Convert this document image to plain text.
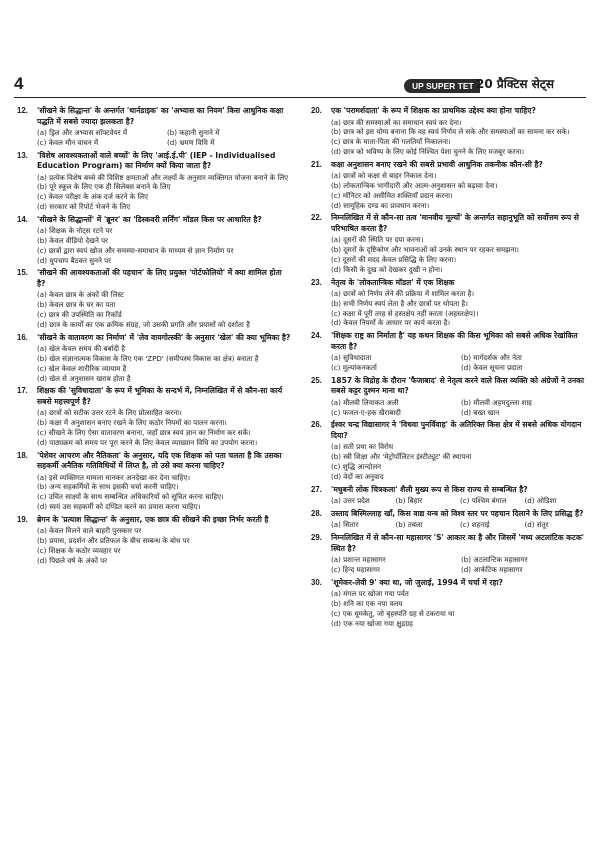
4	UP SUPER TET 20 प्रैक्टिस सेट्स
12. 'सीखने के सिद्धान्त' के अन्तर्गत 'थार्नडाइक' का 'अभ्यास का नियम' किस आधुनिक कक्षा पद्धति में सबसे ज्यादा झलकता है?
(a) ड्रिल और अभ्यास सॉफ्टवेयर में	(b) कहानी सुनाने में
(c) केवल मौन वाचन में	(d) भ्रमण विधि में
13. 'विशेष आवश्यकताओं वाले बच्चों' के लिए 'आई.ई.पी' (IEP - Individualised Education Program) का निर्माण क्यों किया जाता है?
(a) प्रत्येक विशेष बच्चे की विशिष्ट क्षमताओं और लक्ष्यों के अनुसार व्यक्तिगत योजना बनाने के लिए
(b) पूरे स्कूल के लिए एक ही सिलेबस बनाने के लिए
(c) केवल परीक्षा के अंक दर्ज करने के लिए
(d) सरकार को रिपोर्ट भेजने के लिए
14. 'सीखने के सिद्धान्तों' में 'ब्रूनर' का 'डिस्कवरी लर्निंग' मॉडल किस पर आधारित है?
(a) शिक्षक के नोट्स रटने पर
(b) केवल वीडियो देखने पर
(c) छात्रों द्वारा स्वयं खोज और समस्या-समाधान के माध्यम से ज्ञान निर्माण पर
(d) चुपचाप बैठकर सुनने पर
15. 'सीखने की आवश्यकताओं की पहचान' के लिए प्रयुक्त 'पोर्टफोलियो' में क्या शामिल होता है?
(a) केवल छात्र के अंकों की लिस्ट
(b) केवल छात्र के घर का पता
(c) छात्र की उपस्थिति का रिकॉर्ड
(d) छात्र के कार्यों का एक क्रमिक संग्रह, जो उसकी प्रगति और प्रयासों को दर्शाता है
16. 'सीखने के वातावरण का निर्माण' में 'लेव वायगोत्स्की' के अनुसार 'खेल' की क्या भूमिका है?
(a) खेल केवल समय की बर्बादी है
(b) खेल संज्ञानात्मक विकास के लिए एक 'ZPD' (समीपस्थ विकास का क्षेत्र) बनाता है
(c) खेल केवल शारीरिक व्यायाम है
(d) खेल से अनुशासन खराब होता है
17. शिक्षक की 'सुविधादाता' के रूप में भूमिका के सन्दर्भ में, निम्नलिखित में से कौन-सा कार्य सबसे महत्त्वपूर्ण है?
(a) छात्रों को सटीक उत्तर रटने के लिए प्रोत्साहित करना।
(b) कक्षा में अनुशासन बनाए रखने के लिए कठोर नियमों का पालन करना।
(c) सीखने के लिए ऐसा वातावरण बनाना, जहाँ छात्र स्वयं ज्ञान का निर्माण कर सकें।
(d) पाठ्यक्रम को समय पर पूरा करने के लिए केवल व्याख्यान विधि का उपयोग करना।
18. 'पेशेवर आचरण और नैतिकता' के अनुसार, यदि एक शिक्षक को पता चलता है कि उसका सहकर्मी अनैतिक गतिविधियों में लिप्त है, तो उसे क्या करना चाहिए?
(a) इसे व्यक्तिगत मामला मानकर अनदेखा कर देना चाहिए।
(b) अन्य सहकर्मियों के साथ इसकी चर्चा करनी चाहिए।
(c) उचित साक्ष्यों के साथ सम्बन्धित अधिकारियों को सूचित करना चाहिए।
(d) स्वयं उस सहकर्मी को दण्डित करने का प्रयास करना चाहिए।
19. ब्रेगन के 'प्रत्याश सिद्धान्त' के अनुसार, एक छात्र की सीखने की इच्छा निर्भर करती है
(a) केवल मिलने वाले बाहरी पुरस्कार पर
(b) प्रयास, प्रदर्शन और प्रतिफल के बीच सम्बन्ध के बोध पर
(c) शिक्षक के कठोर व्यवहार पर
(d) पिछले वर्ष के अंकों पर
20. एक 'परामर्शदाता' के रूप में शिक्षक का प्राथमिक उद्देश्य क्या होना चाहिए?
(a) छात्र की समस्याओं का समाधान स्वयं कर देना।
(b) छात्र को इस योग्य बनाना कि वह स्वयं निर्णय ले सके और समस्याओं का सामना कर सके।
(c) छात्र के माता-पिता की गलतियाँ निकालना।
(d) छात्र को भविष्य के लिए कोई निश्चित पेशा चुनने के लिए मजबूर करना।
21. कक्षा अनुशासन बनाए रखने की सबसे प्रभावी आधुनिक तकनीक कौन-सी है?
(a) छात्रों को कक्षा से बाहर निकाल देना।
(b) लोकतान्त्रिक भागीदारी और आत्म-अनुशासन को बढ़ावा देना।
(c) मॉनिटर को असीमित शक्तियाँ प्रदान करना।
(d) सामूहिक दण्ड का प्रावधान करना।
22. निम्नलिखित में से कौन-सा तत्व 'मानवीय मूल्यों' के अन्तर्गत सहानुभूति को सर्वोत्तम रूप से परिभाषित करता है?
(a) दूसरों की स्थिति पर दया करना।
(b) दूसरों के दृष्टिकोण और भावनाओं को उनके स्थान पर रहकर समझना।
(c) दूसरों की मदद केवल प्रसिद्धि के लिए करना।
(d) किसी के दुख को देखकर दुखी न होना।
23. नेतृत्व के 'लोकतान्त्रिक मॉडल' में एक शिक्षक
(a) छात्रों को निर्णय लेने की प्रक्रिया में शामिल करता है।
(b) सभी निर्णय स्वयं लेता है और छात्रों पर थोपता है।
(c) कक्षा में पूरी तरह से हस्तक्षेप नहीं करता (अहस्तक्षेप)।
(d) केवल नियमों के आधार पर कार्य करता है।
24. 'शिक्षक राष्ट्र का निर्माता है' यह कथन शिक्षक की किस भूमिका को सबसे अधिक रेखांकित करता है?
(a) सुविधादाता	(b) मार्गदर्शक और नेता
(c) मूल्यांकनकर्ता	(d) केवल सूचना प्रदाता
25. 1857 के विद्रोह के दौरान 'फैजाबाद' से नेतृत्व करने वाले किस व्यक्ति को अंग्रेजों ने उनका सबसे कट्टर दुश्मन माना था?
(a) मौलवी लियाकत अली	(b) मौलवी अहमदुल्ला शाह
(c) फजल-ए-हक खैराबादी	(d) बख्त खान
26. ईश्वर चन्द्र विद्यासागर ने 'विधवा पुनर्विवाह' के अतिरिक्त किस क्षेत्र में सबसे अधिक योगदान दिया?
(a) सती प्रथा का विरोध
(b) स्त्री शिक्षा और 'मेट्रोपॉलिटन इंस्टीट्यूट' की स्थापना
(c) शुद्धि आन्दोलन
(d) वेदों का अनुवाद
27. 'मधुबनी लोक चित्रकला' शैली मुख्य रूप से किस राज्य से सम्बन्धित है?
(a) उत्तर प्रदेश	(b) बिहार	(c) पश्चिम बंगाल	(d) ओडिशा
28. उस्ताद बिस्मिल्लाह खाँ, किस वाद्य यन्त्र को विश्व स्तर पर पहचान दिलाने के लिए प्रसिद्ध हैं?
(a) सितार	(b) तबला	(c) शहनाई	(d) संतूर
29. निम्नलिखित में से कौन-सा महासागर 'S' आकार का है और जिसमें 'मध्य अटलांटिक कटक' स्थित है?
(a) प्रशान्त महासागर	(b) अटलान्टिक महासागर
(c) हिन्द महासागर	(d) आर्कटिक महासागर
30. 'शूमेकर-लेवी 9' क्या था, जो जुलाई, 1994 में चर्चा में रहा?
(a) मंगल पर खोजा गया पर्वत
(b) शनि का एक नया वलय
(c) एक धूमकेतु, जो बृहस्पति ग्रह से टकराया था
(d) एक नया खोजा गया क्षुद्रग्रह
